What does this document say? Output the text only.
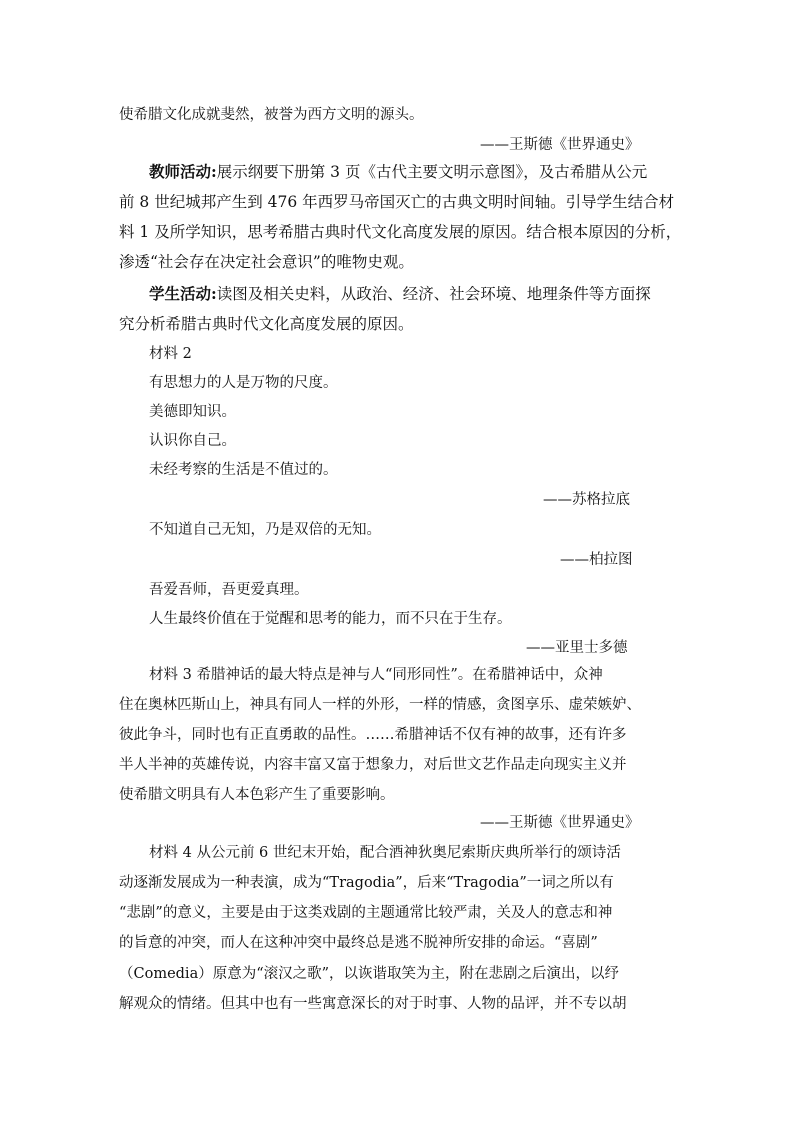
使希腊文化成就斐然，被誉为西方文明的源头。
——王斯德《世界通史》
教师活动:展示纲要下册第 3 页《古代主要文明示意图》，及古希腊从公元
前 8 世纪城邦产生到 476 年西罗马帝国灭亡的古典文明时间轴。引导学生结合材
料 1 及所学知识，思考希腊古典时代文化高度发展的原因。结合根本原因的分析，
渗透“社会存在决定社会意识”的唯物史观。
学生活动:读图及相关史料，从政治、经济、社会环境、地理条件等方面探
究分析希腊古典时代文化高度发展的原因。
材料 2
有思想力的人是万物的尺度。
美德即知识。
认识你自己。
未经考察的生活是不值过的。
——苏格拉底
不知道自己无知，乃是双倍的无知。
——柏拉图
吾爱吾师，吾更爱真理。
人生最终价值在于觉醒和思考的能力，而不只在于生存。
——亚里士多德
材料 3 希腊神话的最大特点是神与人“同形同性”。在希腊神话中，众神
住在奥林匹斯山上，神具有同人一样的外形，一样的情感，贪图享乐、虚荣嫉妒、
彼此争斗，同时也有正直勇敢的品性。……希腊神话不仅有神的故事，还有许多
半人半神的英雄传说，内容丰富又富于想象力，对后世文艺作品走向现实主义并
使希腊文明具有人本色彩产生了重要影响。
——王斯德《世界通史》
材料 4 从公元前 6 世纪末开始，配合酒神狄奥尼索斯庆典所举行的颂诗活
动逐渐发展成为一种表演，成为“Tragodia”，后来“Tragodia”一词之所以有
“悲剧”的意义，主要是由于这类戏剧的主题通常比较严肃，关及人的意志和神
的旨意的冲突，而人在这种冲突中最终总是逃不脱神所安排的命运。“喜剧”
（Comedia）原意为“滚汉之歌”，以诙谐取笑为主，附在悲剧之后演出，以纾
解观众的情绪。但其中也有一些寓意深长的对于时事、人物的品评，并不专以胡
